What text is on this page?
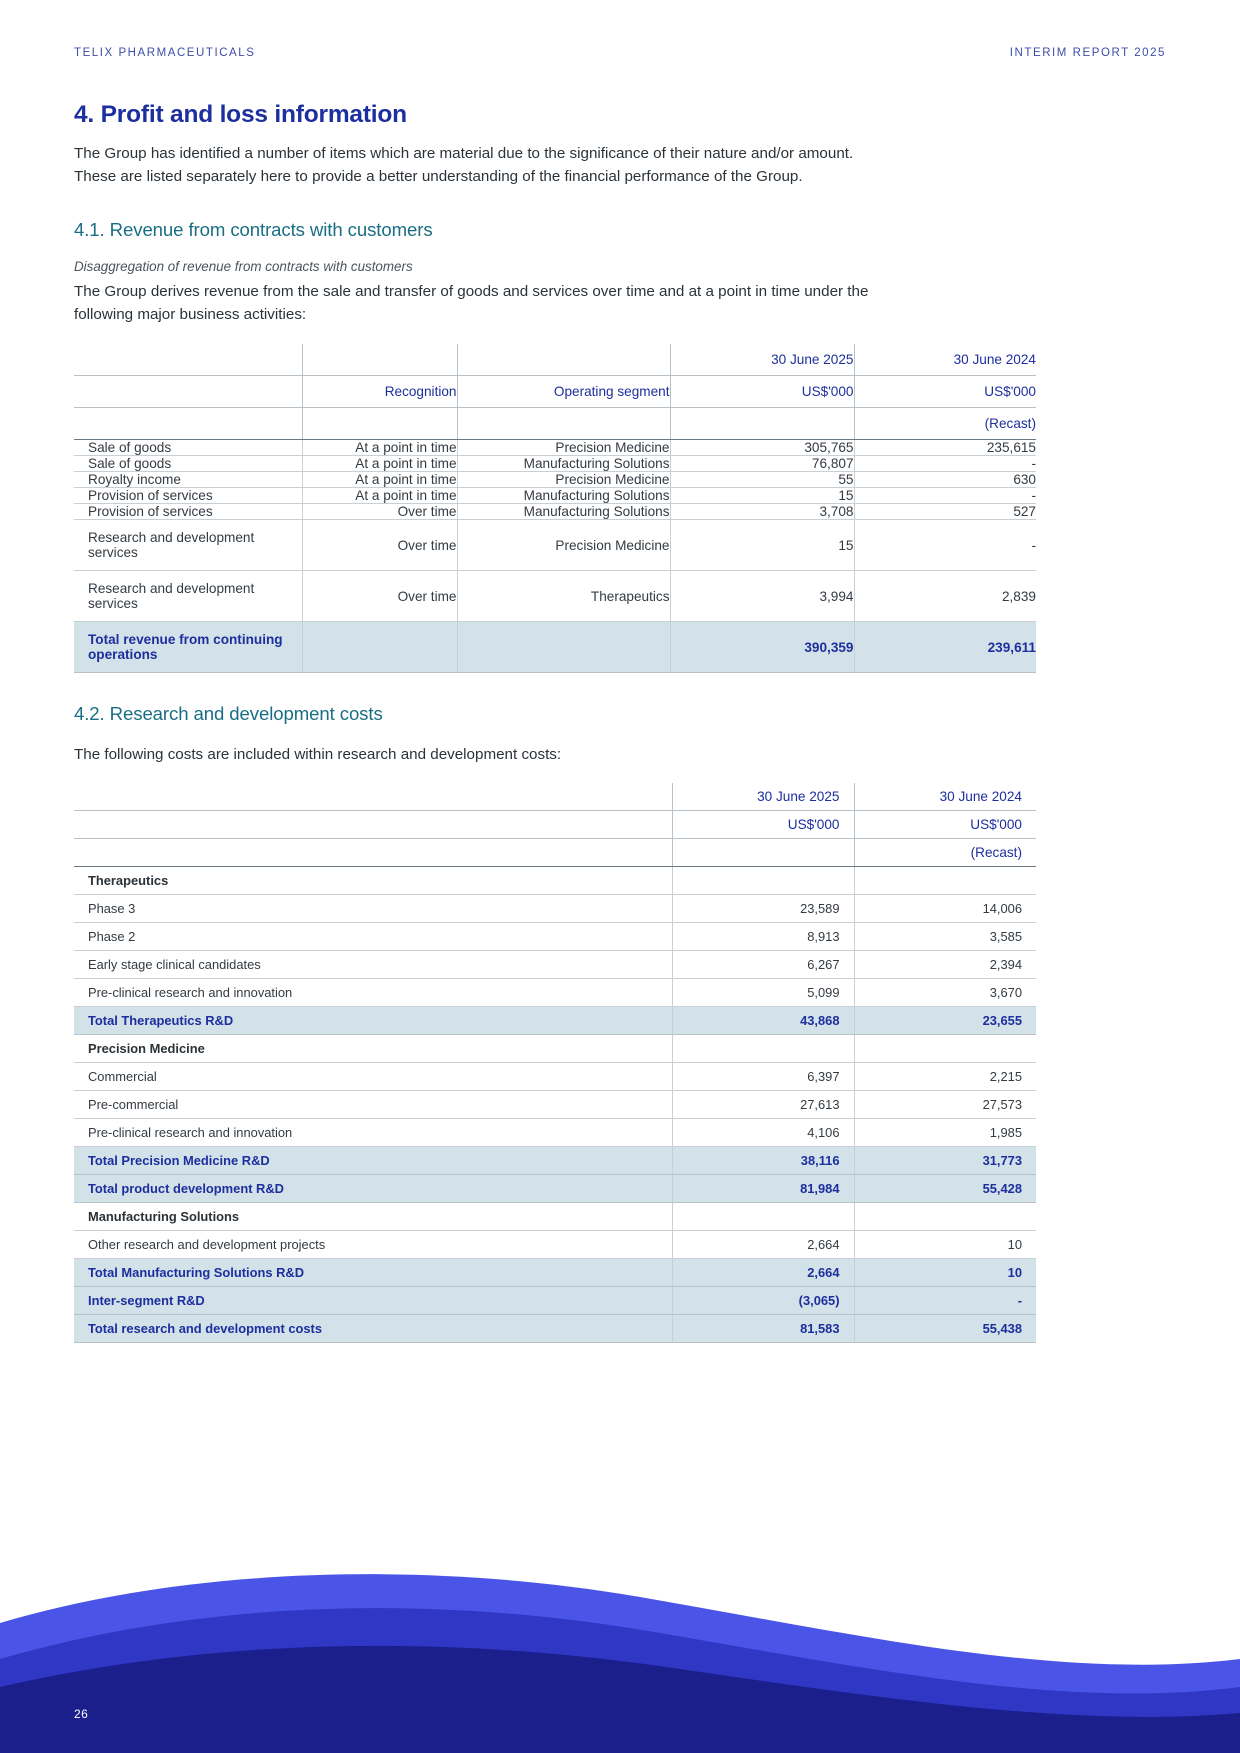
TELIX PHARMACEUTICALS	INTERIM REPORT 2025
4. Profit and loss information

The Group has identified a number of items which are material due to the significance of their nature and/or amount.
These are listed separately here to provide a better understanding of the financial performance of the Group.

4.1. Revenue from contracts with customers

Disaggregation of revenue from contracts with customers

The Group derives revenue from the sale and transfer of goods and services over time and at a point in time under the
following major business activities:

			30 June 2025	30 June 2024
	Recognition	Operating segment	US$'000	US$'000
				(Recast)
Sale of goods	At a point in time	Precision Medicine	305,765	235,615
Sale of goods	At a point in time	Manufacturing Solutions	76,807	-
Royalty income	At a point in time	Precision Medicine	55	630
Provision of services	At a point in time	Manufacturing Solutions	15	-
Provision of services	Over time	Manufacturing Solutions	3,708	527
Research and development services	Over time	Precision Medicine	15	-
Research and development services	Over time	Therapeutics	3,994	2,839
Total revenue from continuing operations			390,359	239,611
4.2. Research and development costs

The following costs are included within research and development costs:

	30 June 2025	30 June 2024
	US$'000	US$'000
		(Recast)
Therapeutics		
Phase 3	23,589	14,006
Phase 2	8,913	3,585
Early stage clinical candidates	6,267	2,394
Pre-clinical research and innovation	5,099	3,670
Total Therapeutics R&D	43,868	23,655
Precision Medicine		
Commercial	6,397	2,215
Pre-commercial	27,613	27,573
Pre-clinical research and innovation	4,106	1,985
Total Precision Medicine R&D	38,116	31,773
Total product development R&D	81,984	55,428
Manufacturing Solutions		
Other research and development projects	2,664	10
Total Manufacturing Solutions R&D	2,664	10
Inter-segment R&D	(3,065)	-
Total research and development costs	81,583	55,438
26
